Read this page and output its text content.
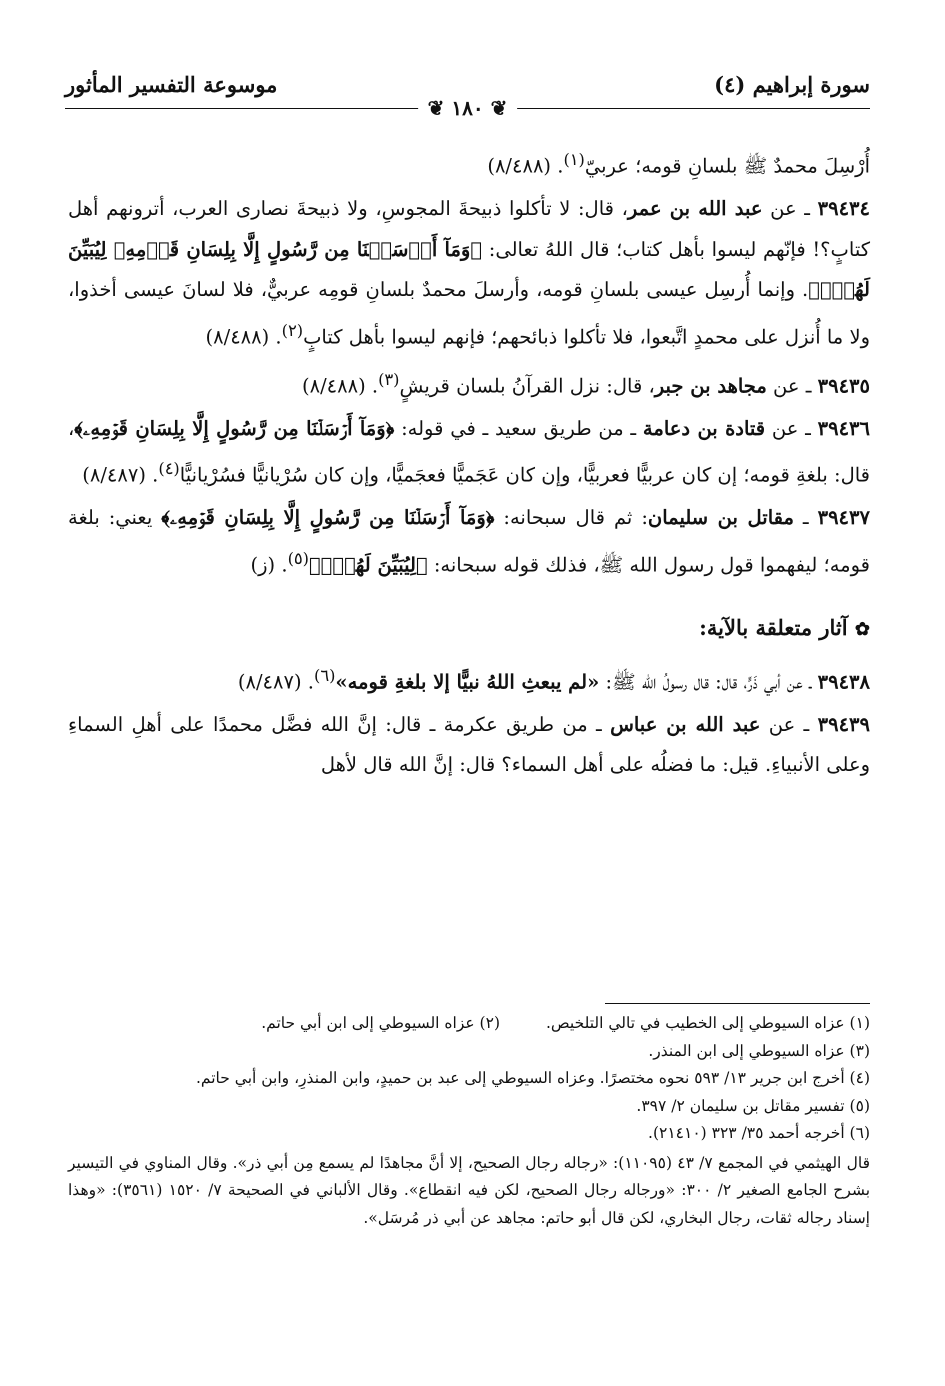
سورة إبراهيم (٤)
موسوعة التفسير المأثور
❦ ١٨٠ ❦

أُرْسِلَ محمدٌ ﷺ بلسانِ قومه؛ عربيّ$^{(١)}$. (٨/٤٨٨)

٣٩٤٣٤ ـ عن عبد الله بن عمر، قال: لا تأكلوا ذبيحةَ المجوسِ، ولا ذبيحةَ نصارى العرب، أترونهم أهل كتابٍ؟! فإنّهم ليسوا بأهل كتاب؛ قال اللهُ تعالى: ﴿وَمَآ أَرۡسَلۡنَا مِن رَّسُولٍ إِلَّا بِلِسَانِ قَوۡمِهِۦ لِيُبَيِّنَ لَهُمۡۖ﴾. وإنما أُرسِل عيسى بلسانِ قومه، وأرسلَ محمدٌ بلسانِ قومِه عربيٌّ، فلا لسانَ عيسى أخذوا، ولا ما أُنزل على محمدٍ اتَّبعوا، فلا تأكلوا ذبائحهم؛ فإنهم ليسوا بأهل كتابٍ$^{(٢)}$. (٨/٤٨٨)

٣٩٤٣٥ ـ عن مجاهد بن جبر، قال: نزل القرآنُ بلسان قريشٍ$^{(٣)}$. (٨/٤٨٨)

٣٩٤٣٦ ـ عن قتادة بن دعامة ـ من طريق سعيد ـ في قوله: ﴿وَمَآ أَرۡسَلۡنَا مِن رَّسُولٍ إِلَّا بِلِسَانِ قَوۡمِهِۦ﴾، قال: بلغةِ قومه؛ إن كان عربيًّا فعربيًّا، وإن كان عَجَميًّا فعجَميًّا، وإن كان سُرْيانيًّا فسُرْيانيًّا$^{(٤)}$. (٨/٤٨٧)

٣٩٤٣٧ ـ مقاتل بن سليمان: ثم قال سبحانه: ﴿وَمَآ أَرۡسَلۡنَا مِن رَّسُولٍ إِلَّا بِلِسَانِ قَوۡمِهِۦ﴾ يعني: بلغة قومه؛ ليفهموا قول رسول الله ﷺ، فذلك قوله سبحانه: ﴿لِيُبَيِّنَ لَهُمۡۖ﴾$^{(٥)}$. (ز)

✿ آثار متعلقة بالآية:

٣٩٤٣٨ ـ عن أبي ذَرٍّ، قال: قال رسولُ الله ﷺ: «لم يبعثِ اللهُ نبيًّا إلا بلغةِ قومه»$^{(٦)}$. (٨/٤٨٧)

٣٩٤٣٩ ـ عن عبد الله بن عباس ـ من طريق عكرمة ـ قال: إنَّ الله فضَّل محمدًا على أهلِ السماءِ وعلى الأنبياءِ. قيل: ما فضلُه على أهل السماء؟ قال: إنَّ الله قال لأهل

(١) عزاه السيوطي إلى الخطيب في تالي التلخيص.

(٢) عزاه السيوطي إلى ابن أبي حاتم.

(٣) عزاه السيوطي إلى ابن المنذر.

(٤) أخرج ابن جرير ١٣/ ٥٩٣ نحوه مختصرًا. وعزاه السيوطي إلى عبد بن حميدٍ، وابن المنذرِ، وابن أبي حاتم.

(٥) تفسير مقاتل بن سليمان ٢/ ٣٩٧.

(٦) أخرجه أحمد ٣٥/ ٣٢٣ (٢١٤١٠).

قال الهيثمي في المجمع ٧/ ٤٣ (١١٠٩٥): «رجاله رجال الصحيح، إلا أنَّ مجاهدًا لم يسمع مِن أبي ذر». وقال المناوي في التيسير بشرح الجامع الصغير ٢/ ٣٠٠: «ورجاله رجال الصحيح، لكن فيه انقطاع». وقال الألباني في الصحيحة ٧/ ١٥٢٠ (٣٥٦١): «وهذا إسناد رجاله ثقات، رجال البخاري، لكن قال أبو حاتم: مجاهد عن أبي ذر مُرسَل».
